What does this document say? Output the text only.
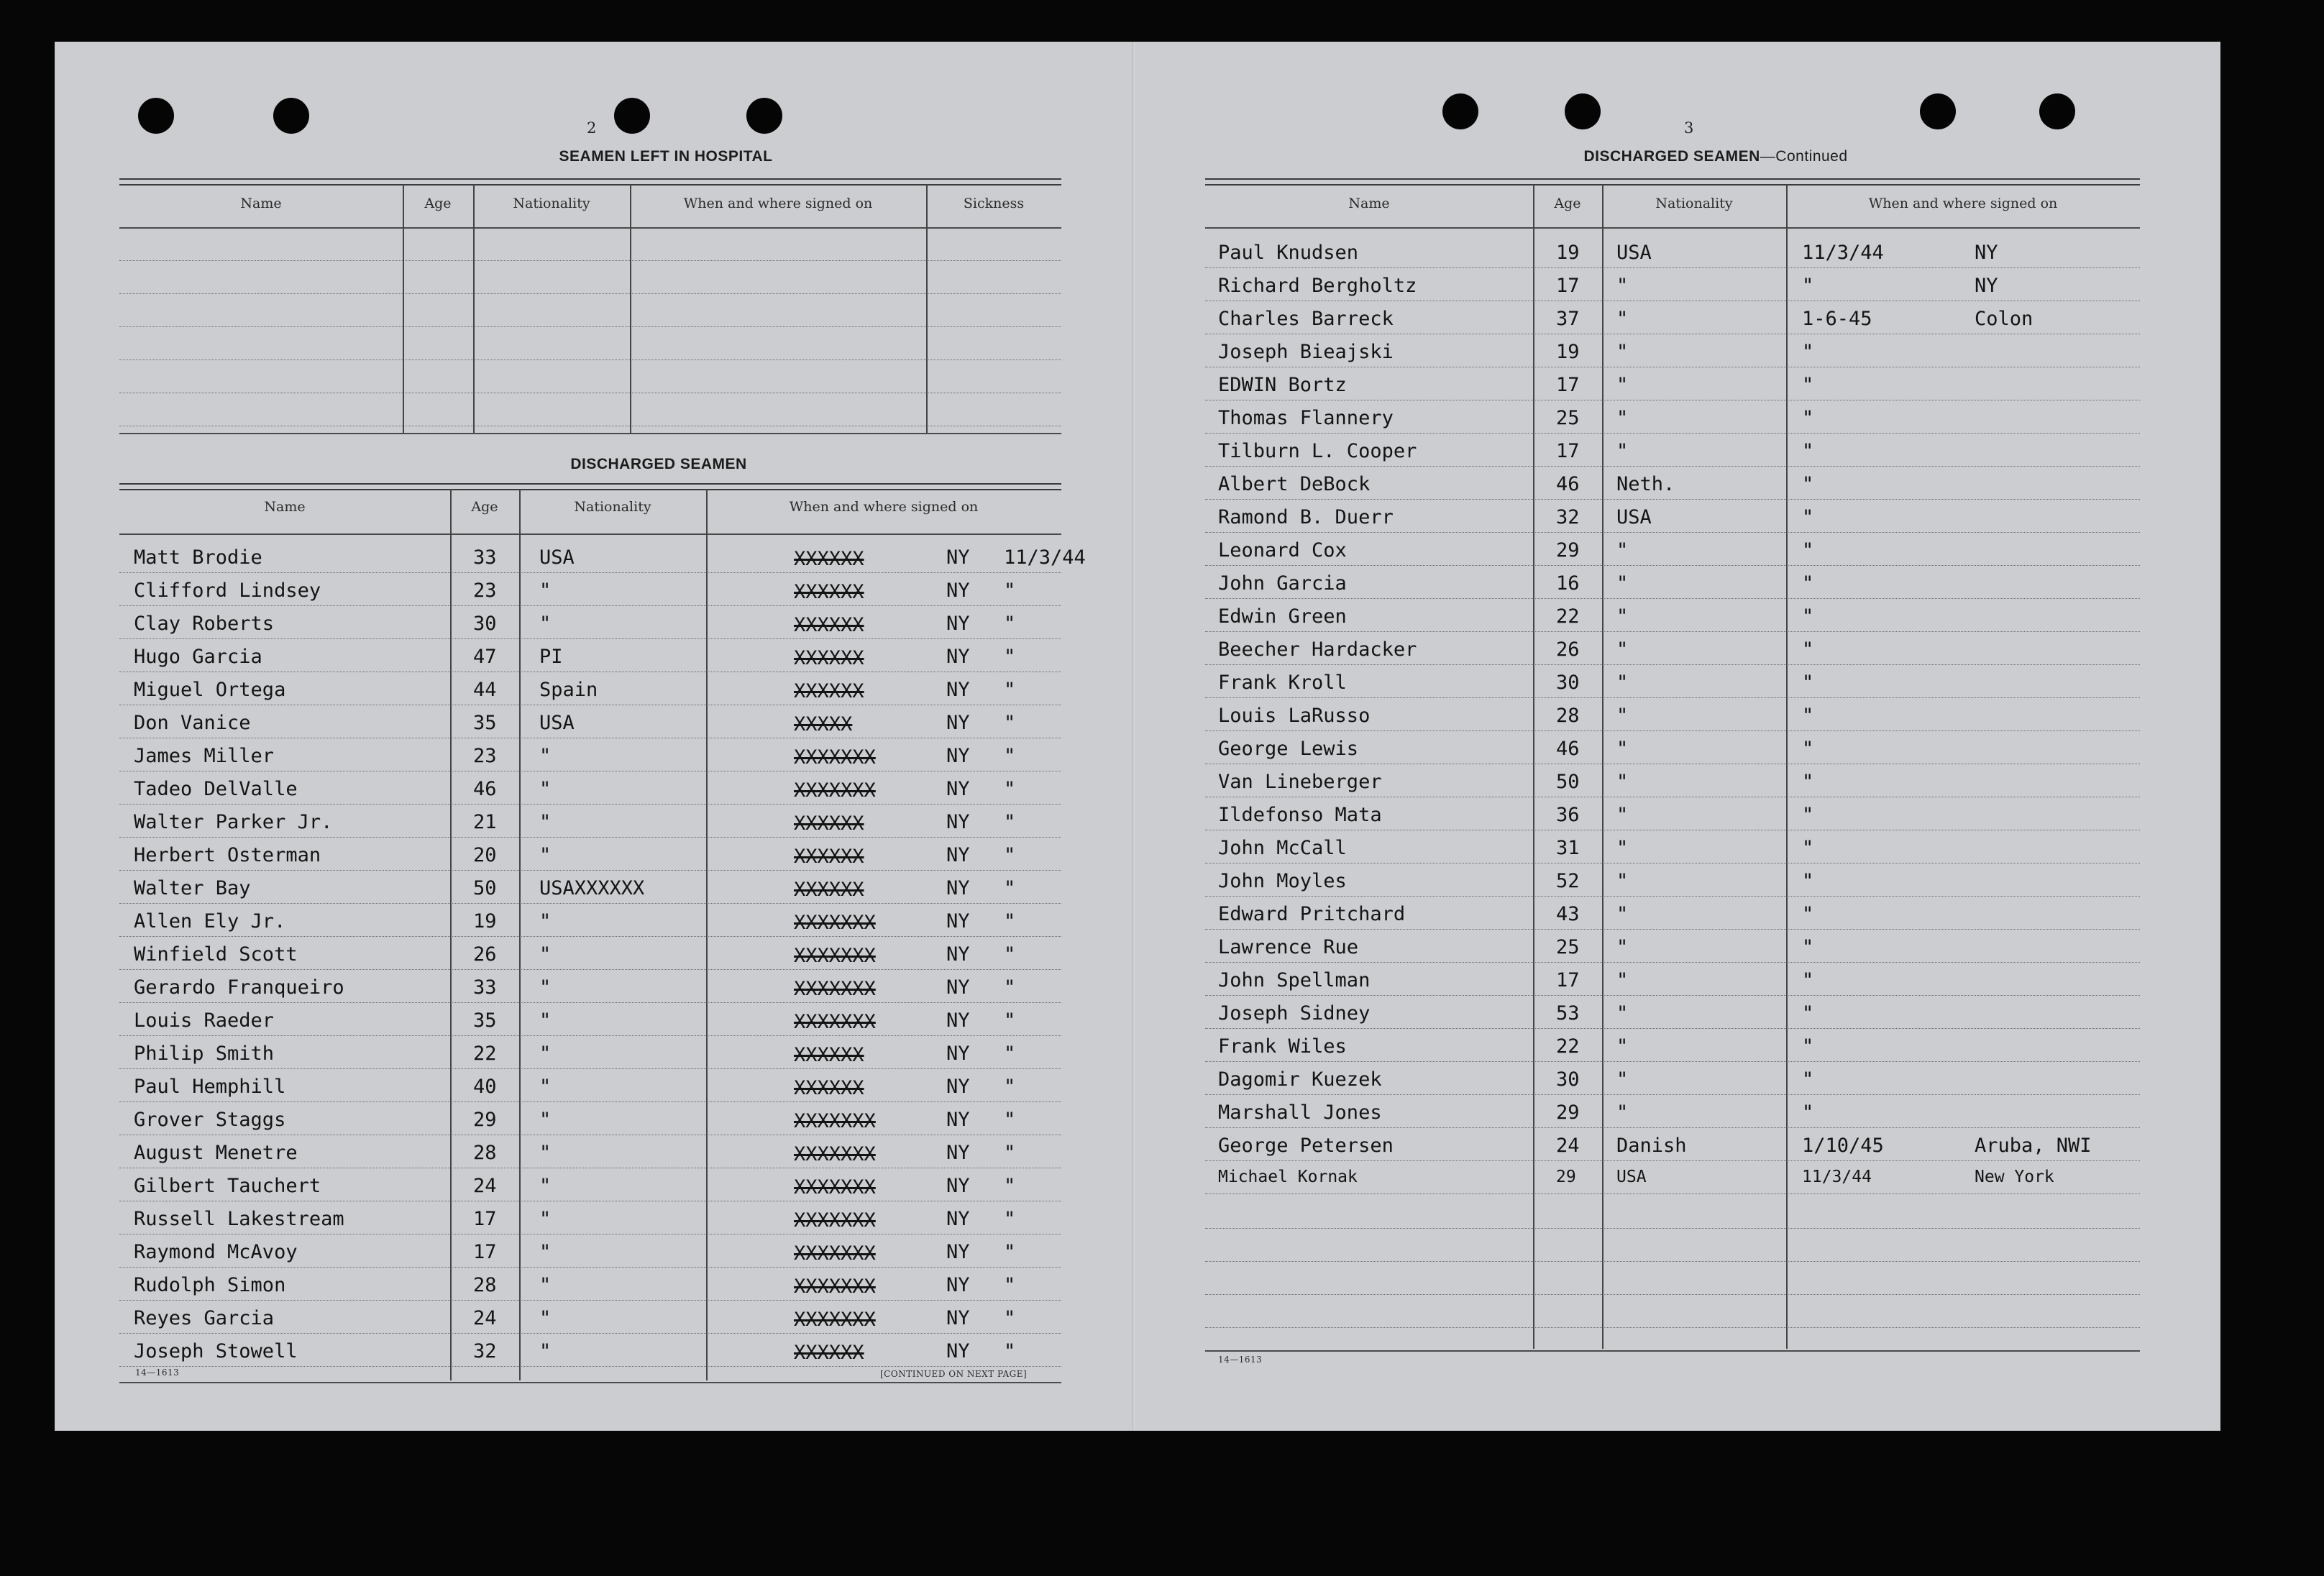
2
SEAMEN LEFT IN HOSPITAL
Name	Age	Nationality	When and where signed on	Sickness
DISCHARGED SEAMEN
Name	Age	Nationality	When and where signed on
Matt Brodie	33 USA	XXXXXX	NY 11/3/44
Clifford Lindsey	23 "	XXXXXX	NY "
Clay Roberts	30 "	XXXXXX	NY "
Hugo Garcia	47 PI	XXXXXX	NY "
Miguel Ortega	44 Spain	XXXXXX	NY "
Don Vanice	35 USA	XXXXX	NY "
James Miller	23 "	XXXXXXX	NY "
Tadeo DelValle	46 "	XXXXXXX	NY "
Walter Parker Jr.	21 "	XXXXXX	NY "
Herbert Osterman	20 "	XXXXXX	NY "
Walter Bay	50 USAXXXXXX	XXXXXX	NY "
Allen Ely Jr.	19 "	XXXXXXX	NY "
Winfield Scott	26 "	XXXXXXX	NY "
Gerardo Franqueiro	33 "	XXXXXXX	NY "
Louis Raeder	35 "	XXXXXXX	NY "
Philip Smith	22 "	XXXXXX	NY "
Paul Hemphill	40 "	XXXXXX	NY "
Grover Staggs	29 "	XXXXXXX	NY "
August Menetre	28 "	XXXXXXX	NY "
Gilbert Tauchert	24 "	XXXXXXX	NY "
Russell Lakestream	17 "	XXXXXXX	NY "
Raymond McAvoy	17 "	XXXXXXX	NY "
Rudolph Simon	28 "	XXXXXXX	NY "
Reyes Garcia	24 "	XXXXXXX	NY "
Joseph Stowell	32 "	XXXXXX	NY "
14—1613	[CONTINUED ON NEXT PAGE]
3
DISCHARGED SEAMEN—Continued
Name	Age	Nationality	When and where signed on
Paul Knudsen	19 USA	11/3/44	NY
Richard Bergholtz	17 "	"	NY
Charles Barreck	37 "	1-6-45	Colon
Joseph Bieajski	19 "	"
EDWIN Bortz	17 "	"
Thomas Flannery	25 "	"
Tilburn L. Cooper	17 "	"
Albert DeBock	46 Neth.	"
Ramond B. Duerr	32 USA	"
Leonard Cox	29 "	"
John Garcia	16 "	"
Edwin Green	22 "	"
Beecher Hardacker	26 "	"
Frank Kroll	30 "	"
Louis LaRusso	28 "	"
George Lewis	46 "	"
Van Lineberger	50 "	"
Ildefonso Mata	36 "	"
John McCall	31 "	"
John Moyles	52 "	"
Edward Pritchard	43 "	"
Lawrence Rue	25 "	"
John Spellman	17 "	"
Joseph Sidney	53 "	"
Frank Wiles	22 "	"
Dagomir Kuezek	30 "	"
Marshall Jones	29 "	"
George Petersen	24 Danish	1/10/45	Aruba, NWI
Michael Kornak	29 USA	11/3/44	New York
14—1613
